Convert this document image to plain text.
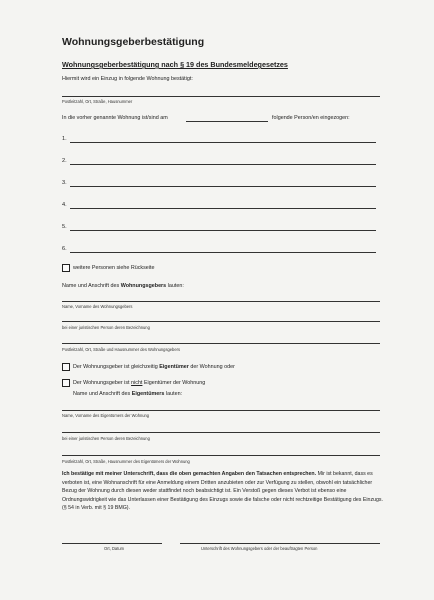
Wohnungsgeberbestätigung
Wohnungsgeberbestätigung nach § 19 des Bundesmeldegesetzes
Hiermit wird ein Einzug in folgende Wohnung bestätigt:
Postleitzahl, Ort, Straße, Hausnummer
In die vorher genannte Wohnung ist/sind am	folgende Person/en eingezogen:
1.
2.
3.
4.
5.
6.
weitere Personen siehe Rückseite
Name und Anschrift des Wohnungsgebers lauten:
Name, Vorname des Wohnungsgebers
bei einer juristischen Person deren Bezeichnung
Postleitzahl, Ort, Straße und Hausnummer des Wohnungsgebers
Der Wohnungsgeber ist gleichzeitig Eigentümer der Wohnung oder
Der Wohnungsgeber ist nicht Eigentümer der Wohnung
Name und Anschrift des Eigentümers lauten:
Name, Vorname des Eigentümers der Wohnung
bei einer juristischen Person deren Bezeichnung
Postleitzahl, Ort, Straße, Hausnummer des Eigentümers der Wohnung
Ich bestätige mit meiner Unterschrift, dass die oben gemachten Angaben den Tatsachen entsprechen. Mir ist bekannt, dass es verboten ist, eine Wohnanschrift für eine Anmeldung einem Dritten anzubieten oder zur Verfügung zu stellen, obwohl ein tatsächlicher Bezug der Wohnung durch diesen weder stattfindet noch beabsichtigt ist. Ein Verstoß gegen dieses Verbot ist ebenso eine Ordnungswidrigkeit wie das Unterlassen einer Bestätigung des Einzugs sowie die falsche oder nicht rechtzeitige Bestätigung des Einzugs. (§ 54 in Verb. mit § 19 BMG).
Ort, Datum	Unterschrift des Wohnungsgebers oder der beauftragten Person
